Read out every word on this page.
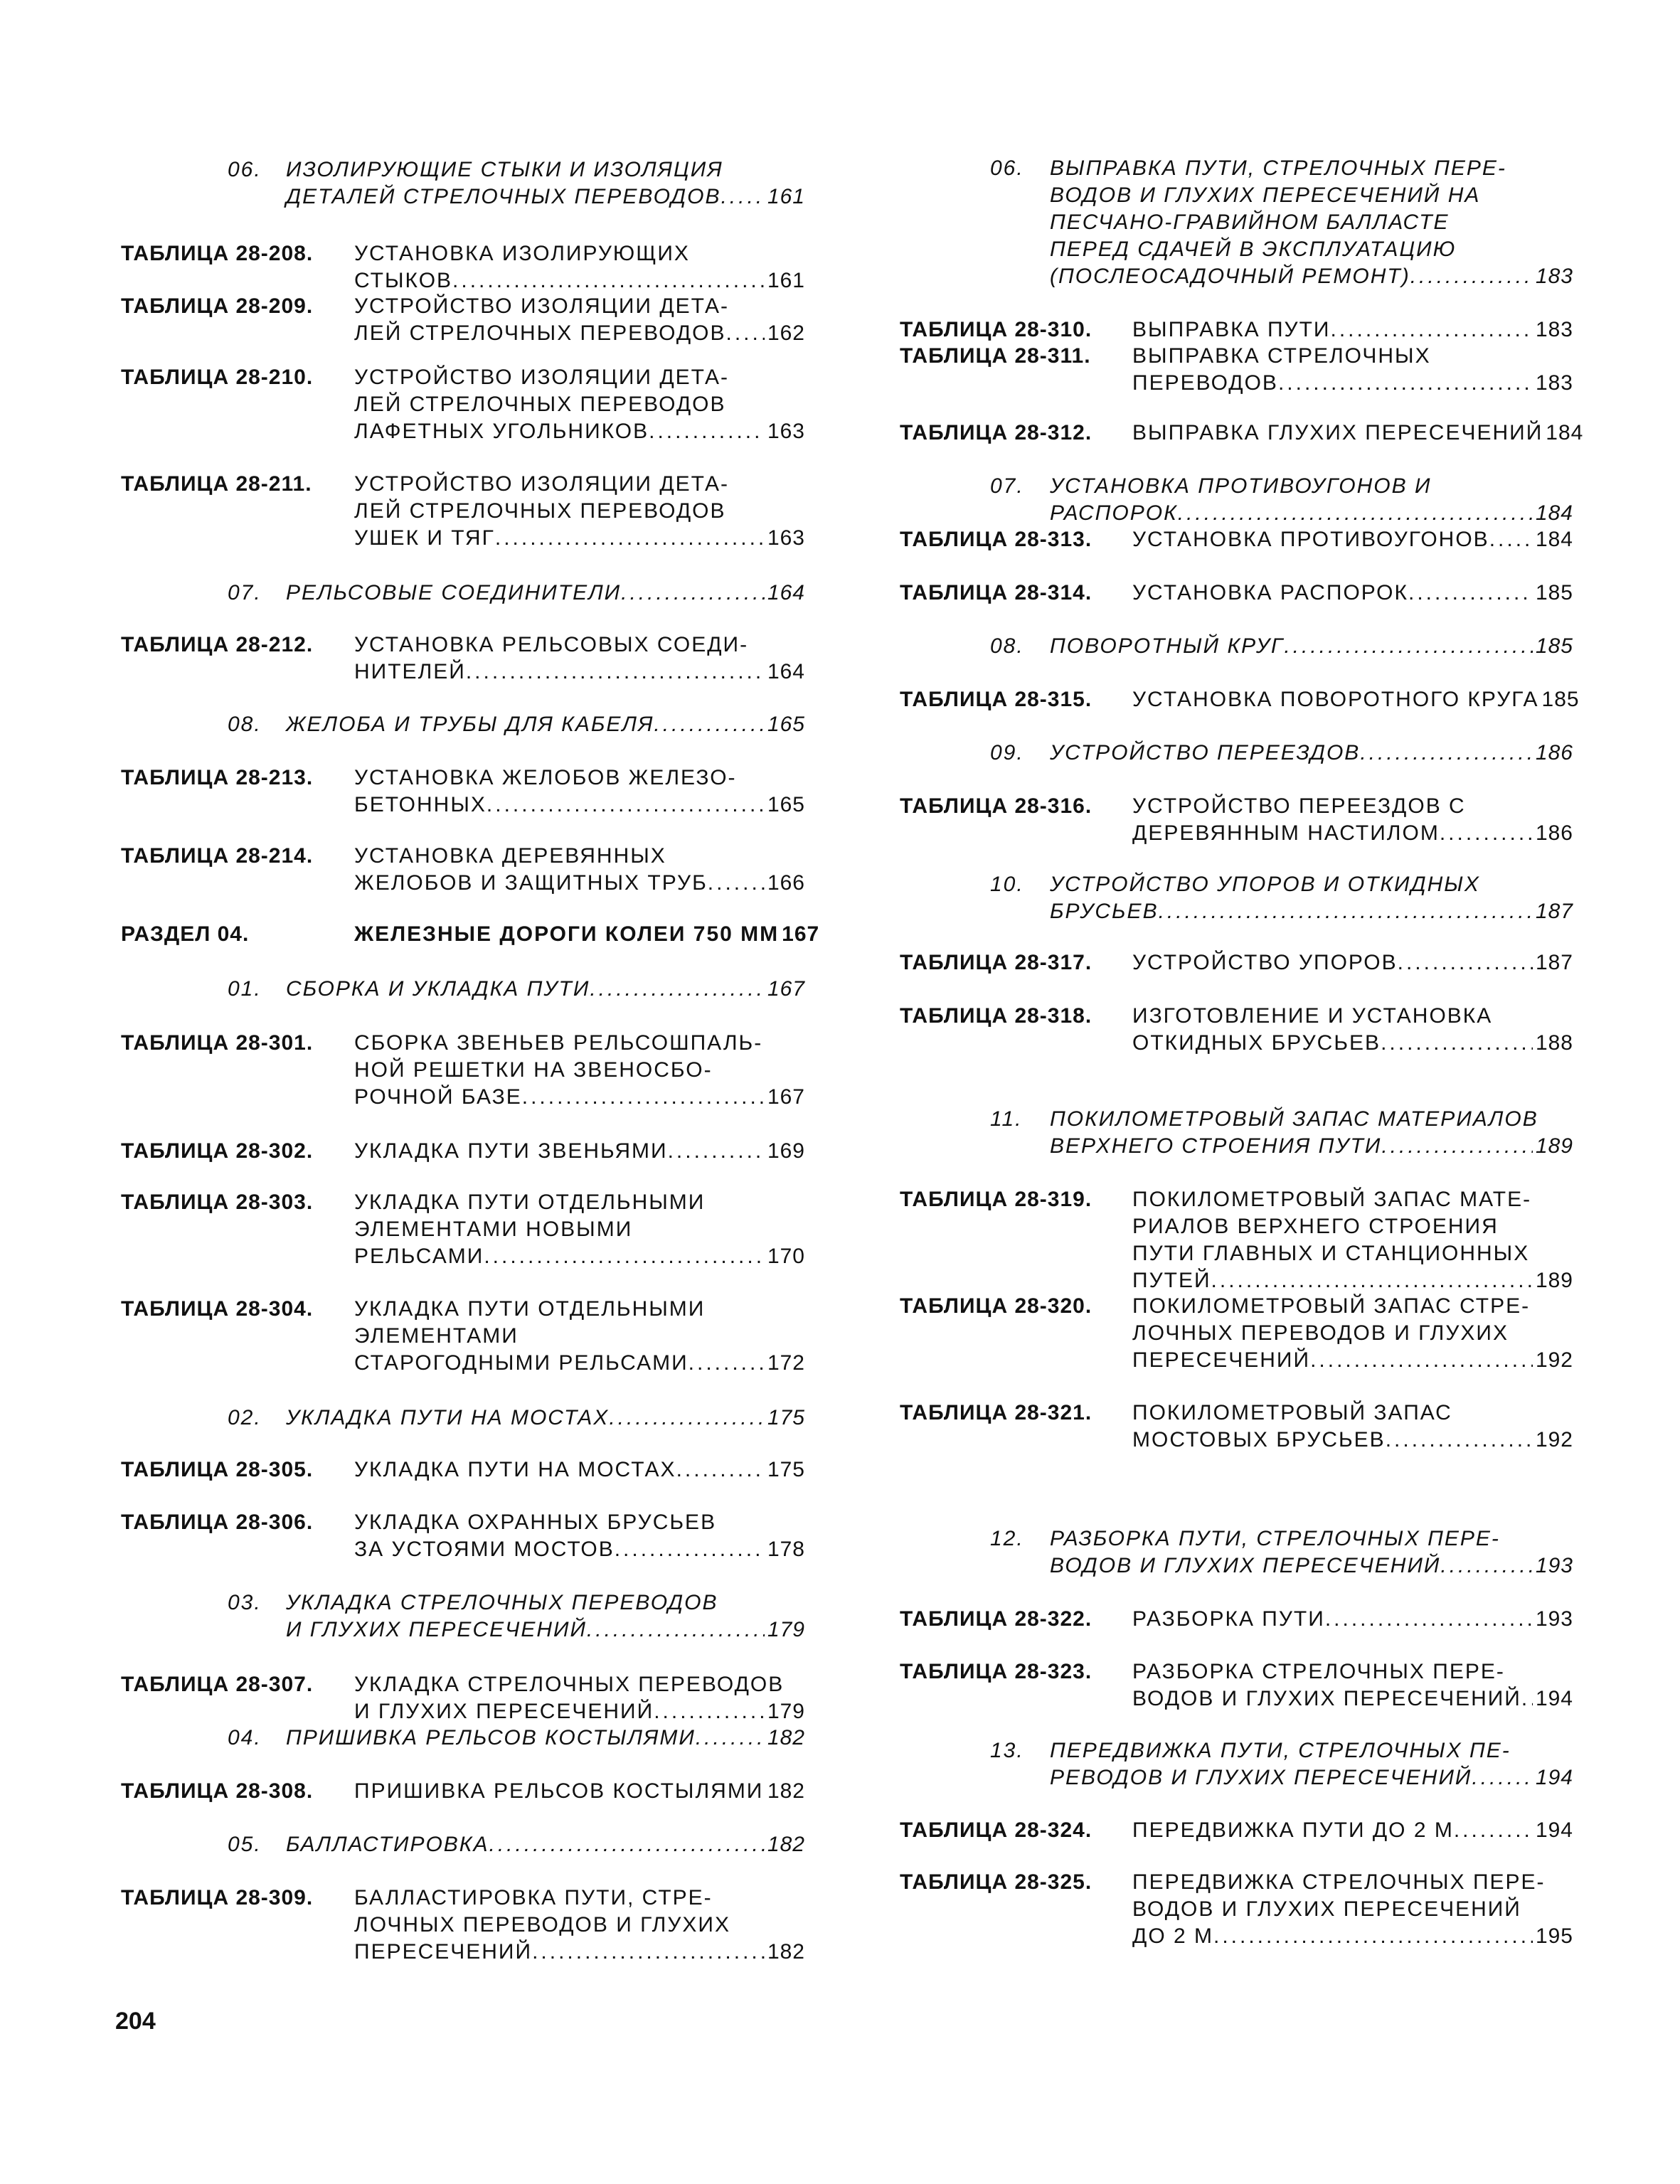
06. ИЗОЛИРУЮЩИЕ СТЫКИ И ИЗОЛЯЦИЯ
ДЕТАЛЕЙ СТРЕЛОЧНЫХ ПЕРЕВОДОВ ..... 161
ТАБЛИЦА 28-208. УСТАНОВКА ИЗОЛИРУЮЩИХ
СТЫКОВ .....	161
ТАБЛИЦА 28-209. УСТРОЙСТВО ИЗОЛЯЦИИ ДЕТА-
ЛЕЙ СТРЕЛОЧНЫХ ПЕРЕВОДОВ ..... 162
ТАБЛИЦА 28-210. УСТРОЙСТВО ИЗОЛЯЦИИ ДЕТА-
ЛЕЙ СТРЕЛОЧНЫХ ПЕРЕВОДОВ
ЛАФЕТНЫХ УГОЛЬНИКОВ .....	163
ТАБЛИЦА 28-211. УСТРОЙСТВО ИЗОЛЯЦИИ ДЕТА-
ЛЕЙ СТРЕЛОЧНЫХ ПЕРЕВОДОВ
УШЕК И ТЯГ .....	163
07. РЕЛЬСОВЫЕ СОЕДИНИТЕЛИ .....	164
ТАБЛИЦА 28-212. УСТАНОВКА РЕЛЬСОВЫХ СОЕДИ-
НИТЕЛЕЙ .....	164
08. ЖЕЛОБА И ТРУБЫ ДЛЯ КАБЕЛЯ .....	165
ТАБЛИЦА 28-213. УСТАНОВКА ЖЕЛОБОВ ЖЕЛЕЗО-
БЕТОННЫХ .....	165
ТАБЛИЦА 28-214. УСТАНОВКА ДЕРЕВЯННЫХ
ЖЕЛОБОВ И ЗАЩИТНЫХ ТРУБ .....	166
РАЗДЕЛ 04.	ЖЕЛЕЗНЫЕ ДОРОГИ КОЛЕИ 750 ММ 167
01. СБОРКА И УКЛАДКА ПУТИ .....	167
ТАБЛИЦА 28-301. СБОРКА ЗВЕНЬЕВ РЕЛЬСОШПАЛЬ-
НОЙ РЕШЕТКИ НА ЗВЕНОСБО-
РОЧНОЙ БАЗЕ .....	167
ТАБЛИЦА 28-302. УКЛАДКА ПУТИ ЗВЕНЬЯМИ .....	169
ТАБЛИЦА 28-303. УКЛАДКА ПУТИ ОТДЕЛЬНЫМИ
ЭЛЕМЕНТАМИ НОВЫМИ
РЕЛЬСАМИ .....	170
ТАБЛИЦА 28-304. УКЛАДКА ПУТИ ОТДЕЛЬНЫМИ
ЭЛЕМЕНТАМИ
СТАРОГОДНЫМИ РЕЛЬСАМИ .....	172
02. УКЛАДКА ПУТИ НА МОСТАХ .....	175
ТАБЛИЦА 28-305. УКЛАДКА ПУТИ НА МОСТАХ .....	175
ТАБЛИЦА 28-306. УКЛАДКА ОХРАННЫХ БРУСЬЕВ
ЗА УСТОЯМИ МОСТОВ .....	178
03. УКЛАДКА СТРЕЛОЧНЫХ ПЕРЕВОДОВ
И ГЛУХИХ ПЕРЕСЕЧЕНИЙ .....	179
ТАБЛИЦА 28-307. УКЛАДКА СТРЕЛОЧНЫХ ПЕРЕВОДОВ
И ГЛУХИХ ПЕРЕСЕЧЕНИЙ .....	179
04. ПРИШИВКА РЕЛЬСОВ КОСТЫЛЯМИ .....	182
ТАБЛИЦА 28-308. ПРИШИВКА РЕЛЬСОВ КОСТЫЛЯМИ ..... 182
05. БАЛЛАСТИРОВКА .....	182
ТАБЛИЦА 28-309. БАЛЛАСТИРОВКА ПУТИ, СТРЕ-
ЛОЧНЫХ ПЕРЕВОДОВ И ГЛУХИХ
ПЕРЕСЕЧЕНИЙ .....	182
06. ВЫПРАВКА ПУТИ, СТРЕЛОЧНЫХ ПЕРЕ-
ВОДОВ И ГЛУХИХ ПЕРЕСЕЧЕНИЙ НА
ПЕСЧАНО-ГРАВИЙНОМ БАЛЛАСТЕ
ПЕРЕД СДАЧЕЙ В ЭКСПЛУАТАЦИЮ
(ПОСЛЕОСАДОЧНЫЙ РЕМОНТ) .....	183
ТАБЛИЦА 28-310. ВЫПРАВКА ПУТИ .....	183
ТАБЛИЦА 28-311. ВЫПРАВКА СТРЕЛОЧНЫХ
ПЕРЕВОДОВ .....	183
ТАБЛИЦА 28-312. ВЫПРАВКА ГЛУХИХ ПЕРЕСЕЧЕНИЙ 184
07. УСТАНОВКА ПРОТИВОУГОНОВ И
РАСПОРОК .....	184
ТАБЛИЦА 28-313. УСТАНОВКА ПРОТИВОУГОНОВ ..... 184
ТАБЛИЦА 28-314. УСТАНОВКА РАСПОРОК .....	185
08. ПОВОРОТНЫЙ КРУГ .....	185
ТАБЛИЦА 28-315. УСТАНОВКА ПОВОРОТНОГО КРУГА 185
09. УСТРОЙСТВО ПЕРЕЕЗДОВ .....	186
ТАБЛИЦА 28-316. УСТРОЙСТВО ПЕРЕЕЗДОВ С
ДЕРЕВЯННЫМ НАСТИЛОМ .....	186
10. УСТРОЙСТВО УПОРОВ И ОТКИДНЫХ
БРУСЬЕВ .....	187
ТАБЛИЦА 28-317. УСТРОЙСТВО УПОРОВ .....	187
ТАБЛИЦА 28-318. ИЗГОТОВЛЕНИЕ И УСТАНОВКА
ОТКИДНЫХ БРУСЬЕВ .....	188
11. ПОКИЛОМЕТРОВЫЙ ЗАПАС МАТЕРИАЛОВ
ВЕРХНЕГО СТРОЕНИЯ ПУТИ .....	189
ТАБЛИЦА 28-319. ПОКИЛОМЕТРОВЫЙ ЗАПАС МАТЕ-
РИАЛОВ ВЕРХНЕГО СТРОЕНИЯ
ПУТИ ГЛАВНЫХ И СТАНЦИОННЫХ
ПУТЕЙ .....	189
ТАБЛИЦА 28-320. ПОКИЛОМЕТРОВЫЙ ЗАПАС СТРЕ-
ЛОЧНЫХ ПЕРЕВОДОВ И ГЛУХИХ
ПЕРЕСЕЧЕНИЙ .....	192
ТАБЛИЦА 28-321. ПОКИЛОМЕТРОВЫЙ ЗАПАС
МОСТОВЫХ БРУСЬЕВ .....	192
12. РАЗБОРКА ПУТИ, СТРЕЛОЧНЫХ ПЕРЕ-
ВОДОВ И ГЛУХИХ ПЕРЕСЕЧЕНИЙ .....	193
ТАБЛИЦА 28-322. РАЗБОРКА ПУТИ .....	193
ТАБЛИЦА 28-323. РАЗБОРКА СТРЕЛОЧНЫХ ПЕРЕ-
ВОДОВ И ГЛУХИХ ПЕРЕСЕЧЕНИЙ ..... 194
13. ПЕРЕДВИЖКА ПУТИ, СТРЕЛОЧНЫХ ПЕ-
РЕВОДОВ И ГЛУХИХ ПЕРЕСЕЧЕНИЙ .....	194
ТАБЛИЦА 28-324. ПЕРЕДВИЖКА ПУТИ ДО 2 М .....	194
ТАБЛИЦА 28-325. ПЕРЕДВИЖКА СТРЕЛОЧНЫХ ПЕРЕ-
ВОДОВ И ГЛУХИХ ПЕРЕСЕЧЕНИЙ
ДО 2 М .....	195
204
